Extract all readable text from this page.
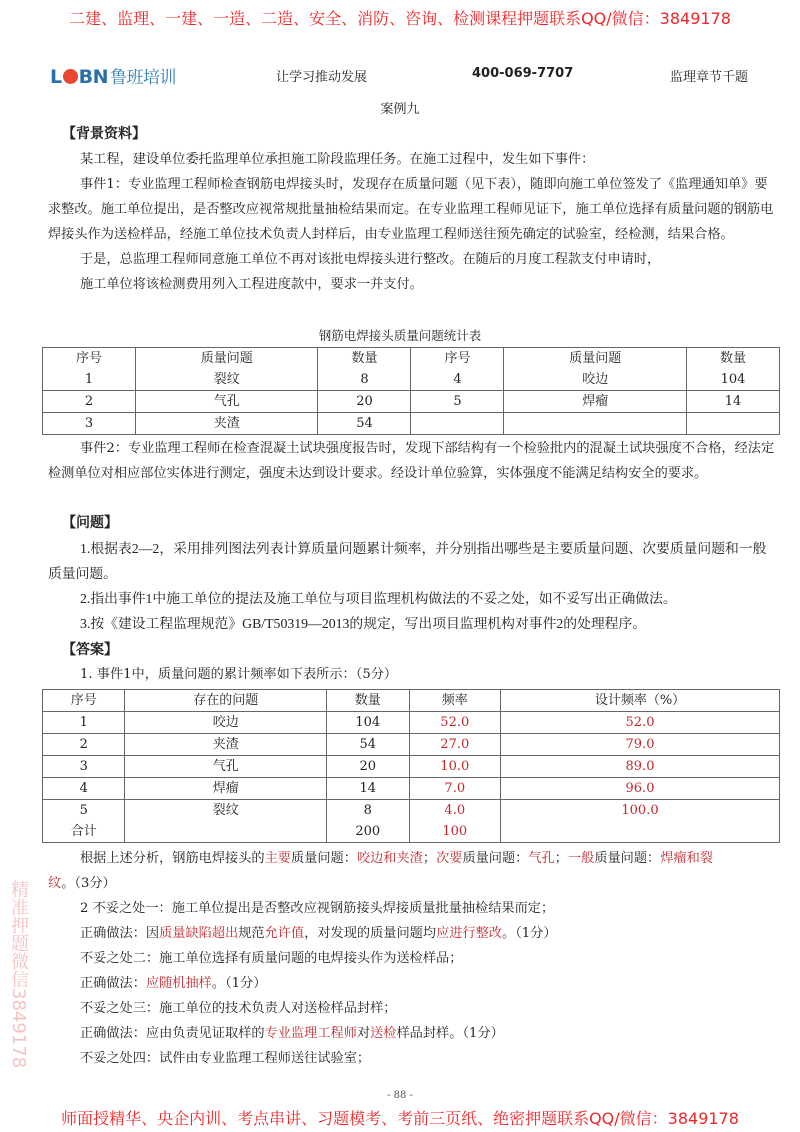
二建、监理、一建、一造、二造、安全、消防、咨询、检测课程押题联系QQ/微信：3849178
L BN 鲁班培训	让学习推动发展	400-069-7707	监理章节千题
案例九
【背景资料】

某工程，建设单位委托监理单位承担施工阶段监理任务。在施工过程中，发生如下事件：

事件1：专业监理工程师检查钢筋电焊接头时，发现存在质量问题（见下表），随即向施工单位签发了《监理通知单》要求整改。施工单位提出，是否整改应视常规批量抽检结果而定。在专业监理工程师见证下，施工单位选择有质量问题的钢筋电焊接头作为送检样品，经施工单位技术负责人封样后，由专业监理工程师送往预先确定的试验室，经检测，结果合格。

于是，总监理工程师同意施工单位不再对该批电焊接头进行整改。在随后的月度工程款支付申请时，

施工单位将该检测费用列入工程进度款中，要求一并支付。

钢筋电焊接头质量问题统计表
序号	质量问题	数量	序号	质量问题	数量
1	裂纹	8	4	咬边	104
2	气孔	20	5	焊瘤	14
3	夹渣	54			

事件2：专业监理工程师在检查混凝土试块强度报告时，发现下部结构有一个检验批内的混凝土试块强度不合格，经法定检测单位对相应部位实体进行测定，强度未达到设计要求。经设计单位验算，实体强度不能满足结构安全的要求。

【问题】

1.根据表2—2，采用排列图法列表计算质量问题累计频率，并分别指出哪些是主要质量问题、次要质量问题和一般质量问题。

2.指出事件1中施工单位的提法及施工单位与项目监理机构做法的不妥之处，如不妥写出正确做法。

3.按《建设工程监理规范》GB/T50319—2013的规定，写出项目监理机构对事件2的处理程序。

【答案】

1. 事件1中，质量问题的累计频率如下表所示：（5分）

序号	存在的问题	数量	频率	设计频率（%）
1	咬边	104	52.0	52.0
2	夹渣	54	27.0	79.0
3	气孔	20	10.0	89.0
4	焊瘤	14	7.0	96.0
5	裂纹	8	4.0	100.0
合计		200	100	

根据上述分析，钢筋电焊接头的主要质量问题：咬边和夹渣；次要质量问题：气孔；一般质量问题：焊瘤和裂纹。（3分）

2 不妥之处一：施工单位提出是否整改应视钢筋接头焊接质量批量抽检结果而定；

正确做法：因质量缺陷超出规范允许值，对发现的质量问题均应进行整改。（1分）

不妥之处二：施工单位选择有质量问题的电焊接头作为送检样品；

正确做法：应随机抽样。（1分）

不妥之处三：施工单位的技术负责人对送检样品封样；

正确做法：应由负责见证取样的专业监理工程师对送检样品封样。（1分）

不妥之处四：试件由专业监理工程师送往试验室；

精准押题微信3849178
- 88 -
师面授精华、央企内训、考点串讲、习题模考、考前三页纸、绝密押题联系QQ/微信：3849178
